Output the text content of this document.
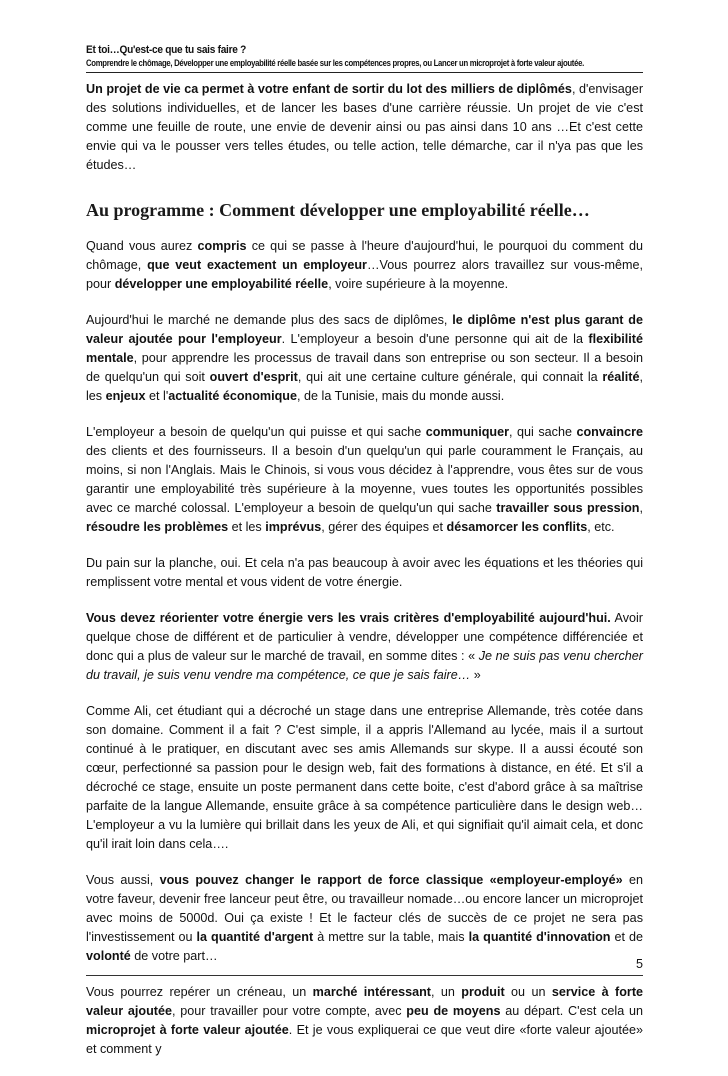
Et toi…Qu'est-ce que tu sais faire ?
Comprendre le chômage, Développer une employabilité réelle basée sur les compétences propres, ou Lancer un microprojet à forte valeur ajoutée.

Un projet de vie ca permet à votre enfant de sortir du lot des milliers de diplômés, d'envisager des solutions individuelles, et de lancer les bases d'une carrière réussie. Un projet de vie c'est comme une feuille de route, une envie de devenir ainsi ou pas ainsi dans 10 ans …Et c'est cette envie qui va le pousser vers telles études, ou telle action, telle démarche, car il n'ya pas que les études…

Au programme : Comment développer une employabilité réelle…

Quand vous aurez compris ce qui se passe à l'heure d'aujourd'hui, le pourquoi du comment du chômage, que veut exactement un employeur…Vous pourrez alors travaillez sur vous-même, pour développer une employabilité réelle, voire supérieure à la moyenne.

Aujourd'hui le marché ne demande plus des sacs de diplômes, le diplôme n'est plus garant de valeur ajoutée pour l'employeur. L'employeur a besoin d'une personne qui ait de la flexibilité mentale, pour apprendre les processus de travail dans son entreprise ou son secteur. Il a besoin de quelqu'un qui soit ouvert d'esprit, qui ait une certaine culture générale, qui connait la réalité, les enjeux et l'actualité économique, de la Tunisie, mais du monde aussi.

L'employeur a besoin de quelqu'un qui puisse et qui sache communiquer, qui sache convaincre des clients et des fournisseurs. Il a besoin d'un quelqu'un qui parle couramment le Français, au moins, si non l'Anglais. Mais le Chinois, si vous vous décidez à l'apprendre, vous êtes sur de vous garantir une employabilité très supérieure à la moyenne, vues toutes les opportunités possibles avec ce marché colossal. L'employeur a besoin de quelqu'un qui sache travailler sous pression, résoudre les problèmes et les imprévus, gérer des équipes et désamorcer les conflits, etc.

Du pain sur la planche, oui. Et cela n'a pas beaucoup à avoir avec les équations et les théories qui remplissent votre mental et vous vident de votre énergie.

Vous devez réorienter votre énergie vers les vrais critères d'employabilité aujourd'hui. Avoir quelque chose de différent et de particulier à vendre, développer une compétence différenciée et donc qui a plus de valeur sur le marché de travail, en somme dites : « Je ne suis pas venu chercher du travail, je suis venu vendre ma compétence, ce que je sais faire… »

Comme Ali, cet étudiant qui a décroché un stage dans une entreprise Allemande, très cotée dans son domaine. Comment il a fait ? C'est simple, il a appris l'Allemand au lycée, mais il a surtout continué à le pratiquer, en discutant avec ses amis Allemands sur skype. Il a aussi écouté son cœur, perfectionné sa passion pour le design web, fait des formations à distance, en été. Et s'il a décroché ce stage, ensuite un poste permanent dans cette boite, c'est d'abord grâce à sa maîtrise parfaite de la langue Allemande, ensuite grâce à sa compétence particulière dans le design web…L'employeur a vu la lumière qui brillait dans les yeux de Ali, et qui signifiait qu'il aimait cela, et donc qu'il irait loin dans cela….

Vous aussi, vous pouvez changer le rapport de force classique «employeur-employé» en votre faveur, devenir free lanceur peut être, ou travailleur nomade…ou encore lancer un microprojet avec moins de 5000d. Oui ça existe ! Et le facteur clés de succès de ce projet ne sera pas l'investissement ou la quantité d'argent à mettre sur la table, mais la quantité d'innovation et de volonté de votre part…

Vous pourrez repérer un créneau, un marché intéressant, un produit ou un service à forte valeur ajoutée, pour travailler pour votre compte, avec peu de moyens au départ. C'est cela un microprojet à forte valeur ajoutée. Et je vous expliquerai ce que veut dire «forte valeur ajoutée» et comment y

5
